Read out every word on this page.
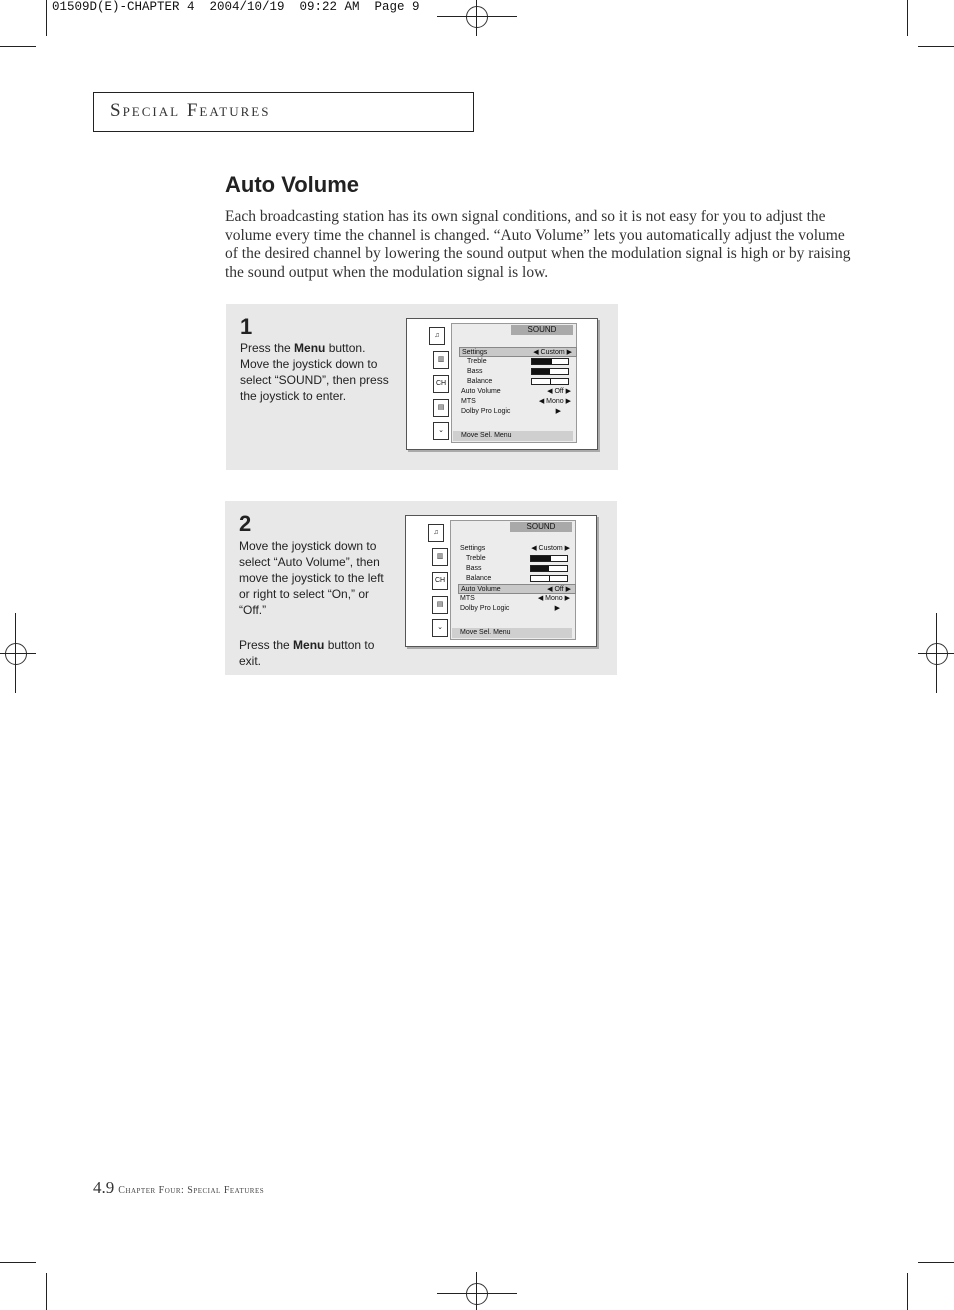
01509D(E)-CHAPTER 4  2004/10/19  09:22 AM  Page 9
Special Features
Auto Volume
Each broadcasting station has its own signal conditions, and so it is not easy for you to adjust the volume every time the channel is changed. “Auto Volume” lets you automatically adjust the volume of the desired channel by lowering the sound output when the modulation signal is high or by raising the sound output when the modulation signal is low.
1
Press the Menu button. Move the joystick down to select “SOUND”, then press the joystick to enter.
SOUND
♫
▥
CH
▤
⌄
Settings	◀ Custom ▶
Treble
Bass
Balance
Auto Volume	◀ Off ▶
MTS	◀ Mono ▶
Dolby Pro Logic	▶
Move Sel. Menu
2
Move the joystick down to select “Auto Volume”, then move the joystick to the left or right to select “On,” or “Off.”
Press the Menu button to exit.
SOUND
♫
▥
CH
▤
⌄
Settings	◀ Custom ▶
Treble
Bass
Balance
Auto Volume	◀ Off ▶
MTS	◀ Mono ▶
Dolby Pro Logic	▶
Move Sel. Menu
4.9 Chapter Four: Special Features
